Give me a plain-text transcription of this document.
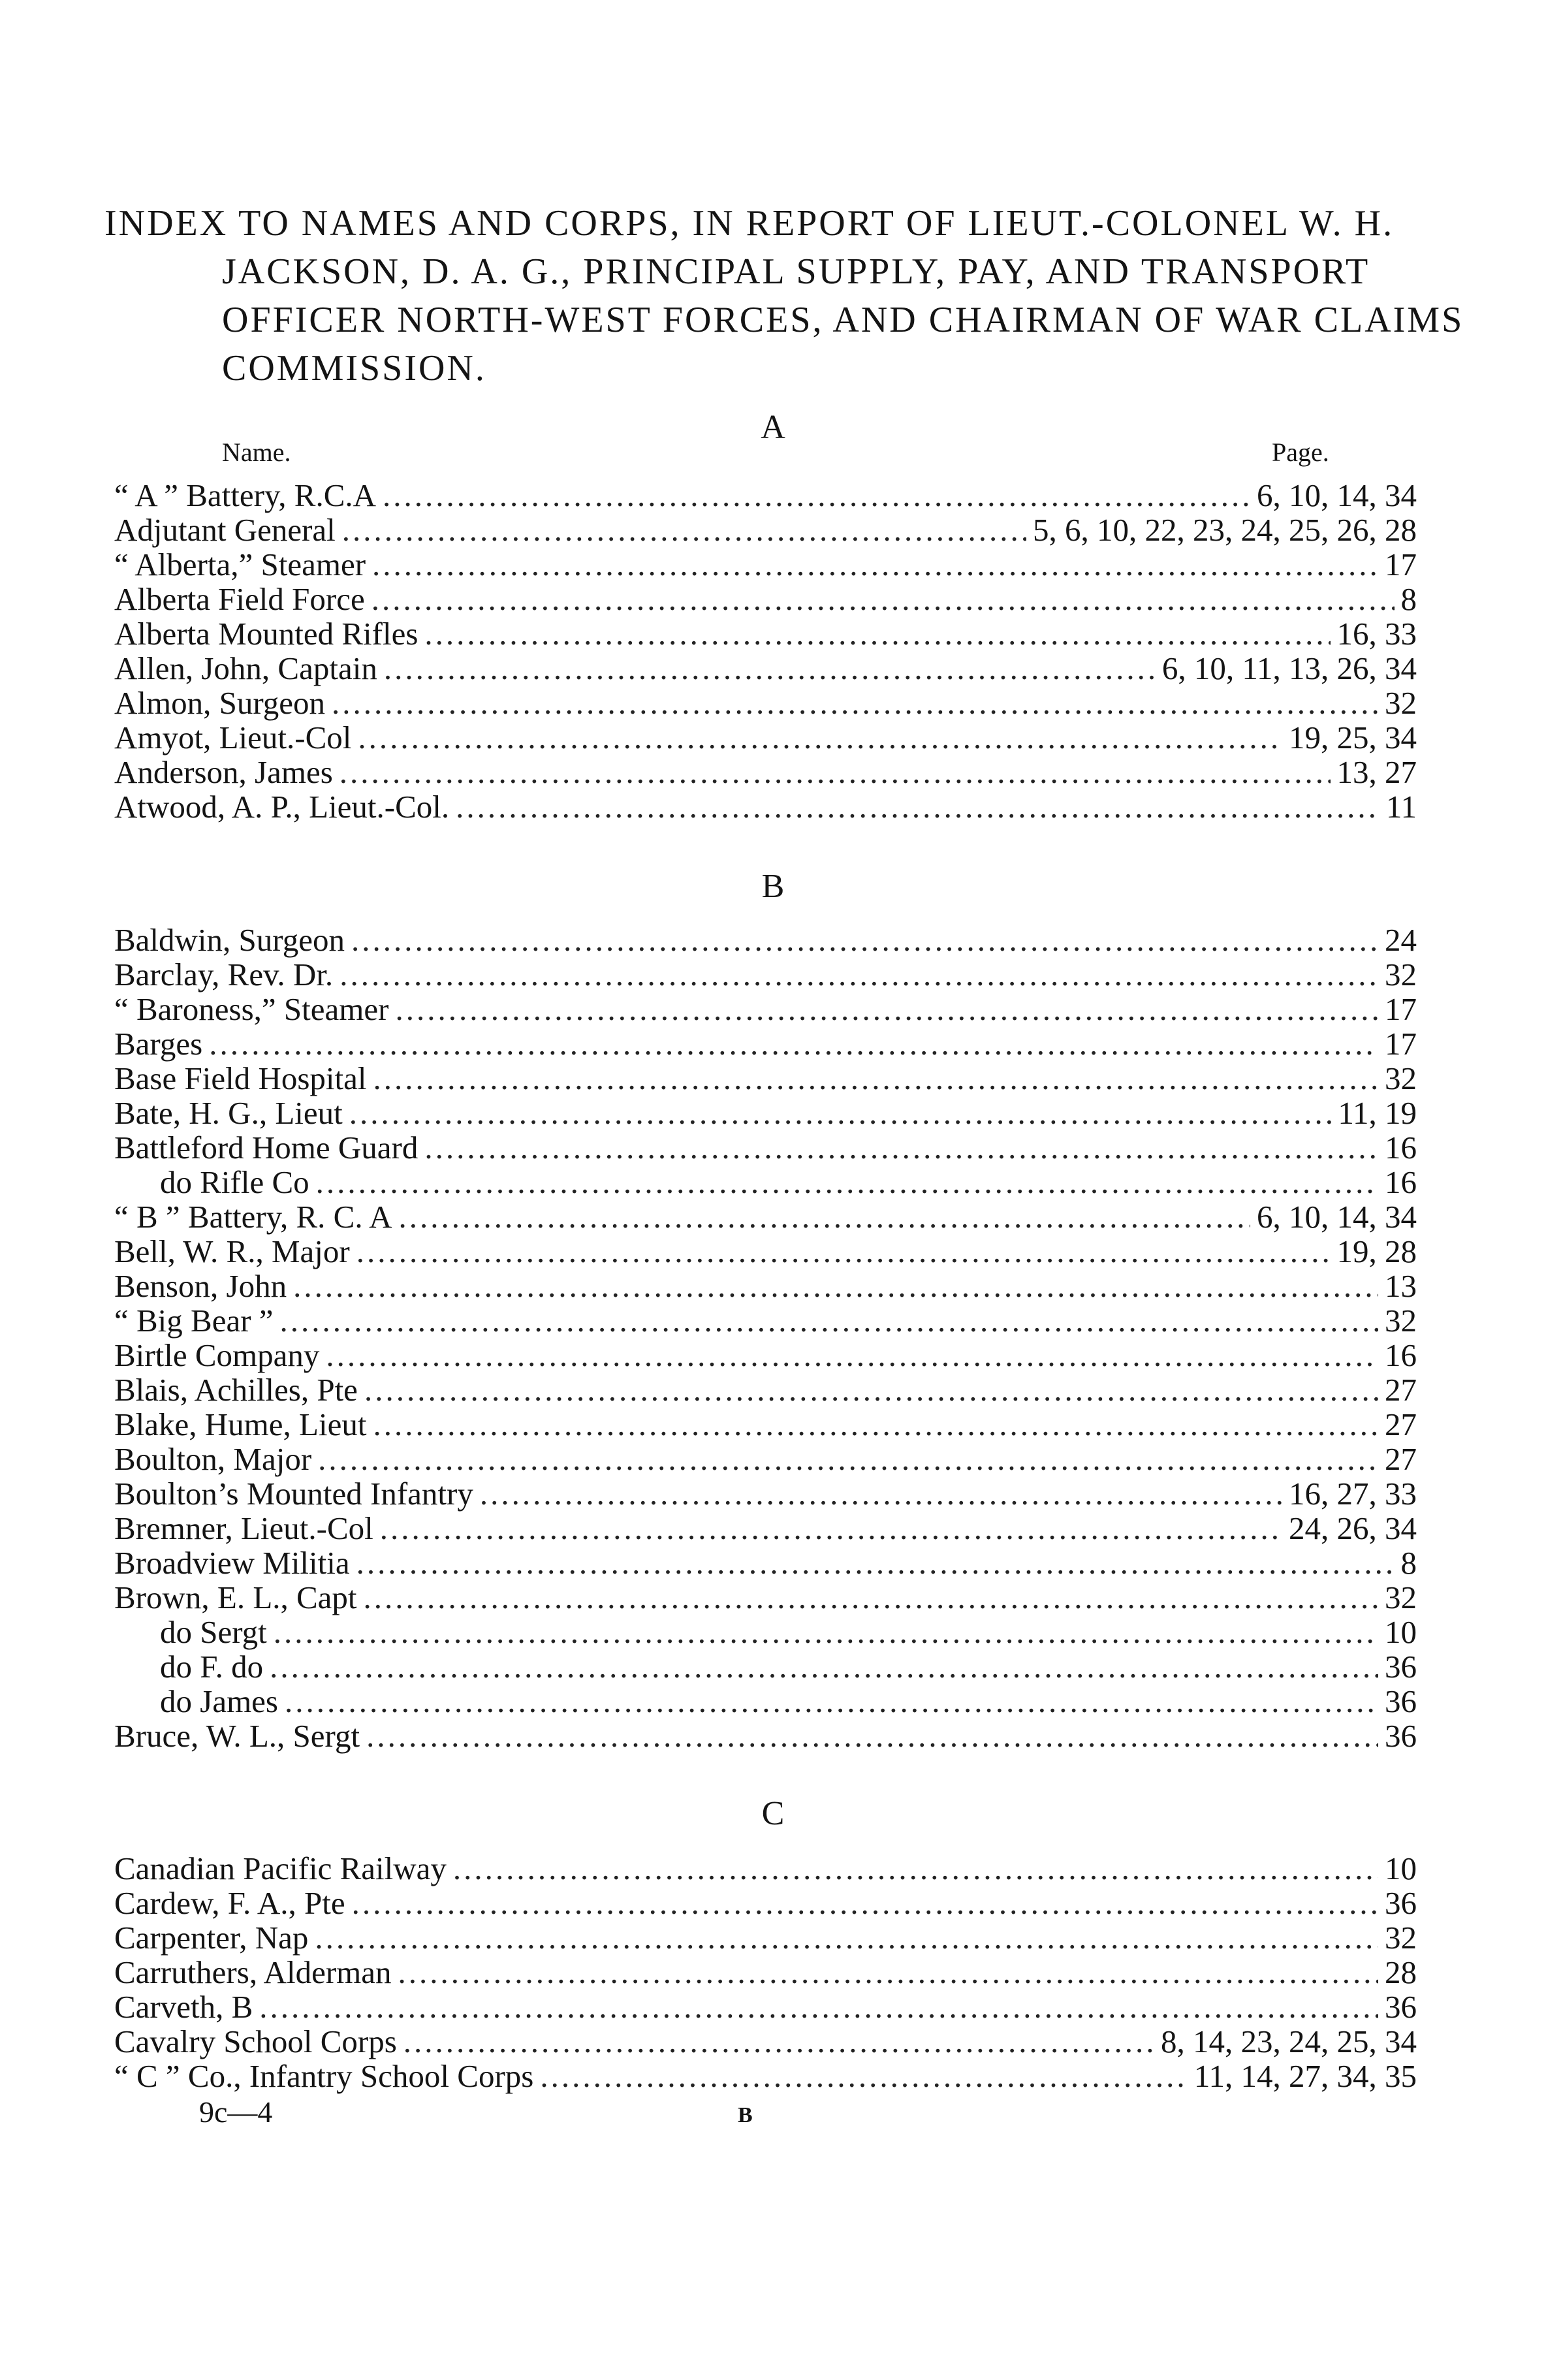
INDEX TO NAMES AND CORPS, IN REPORT OF LIEUT.-COLONEL W. H.
JACKSON, D. A. G., PRINCIPAL SUPPLY, PAY, AND TRANSPORT
OFFICER NORTH-WEST FORCES, AND CHAIRMAN OF WAR CLAIMS
COMMISSION.
A
Name.	Page.
“ A ” Battery, R.C.A .....	6, 10, 14, 34
Adjutant General .....	5, 6, 10, 22, 23, 24, 25, 26, 28
“ Alberta,” Steamer .....	17
Alberta Field Force .....	8
Alberta Mounted Rifles .....	16, 33
Allen, John, Captain .....	6, 10, 11, 13, 26, 34
Almon, Surgeon .....	32
Amyot, Lieut.-Col .....	19, 25, 34
Anderson, James .....	13, 27
Atwood, A. P., Lieut.-Col. .....	11
B
Baldwin, Surgeon .....	24
Barclay, Rev. Dr. .....	32
“ Baroness,” Steamer .....	17
Barges .....	17
Base Field Hospital .....	32
Bate, H. G., Lieut .....	11, 19
Battleford Home Guard .....	16
do Rifle Co .....	16
“ B ” Battery, R. C. A .....	6, 10, 14, 34
Bell, W. R., Major .....	19, 28
Benson, John .....	13
“ Big Bear ” .....	32
Birtle Company .....	16
Blais, Achilles, Pte .....	27
Blake, Hume, Lieut .....	27
Boulton, Major .....	27
Boulton’s Mounted Infantry .....	16, 27, 33
Bremner, Lieut.-Col .....	24, 26, 34
Broadview Militia .....	8
Brown, E. L., Capt .....	32
do Sergt .....	10
do F. do .....	36
do James .....	36
Bruce, W. L., Sergt .....	36
C
Canadian Pacific Railway .....	10
Cardew, F. A., Pte .....	36
Carpenter, Nap .....	32
Carruthers, Alderman .....	28
Carveth, B .....	36
Cavalry School Corps .....	8, 14, 23, 24, 25, 34
“ C ” Co., Infantry School Corps .....	11, 14, 27, 34, 35
9c—4	B
